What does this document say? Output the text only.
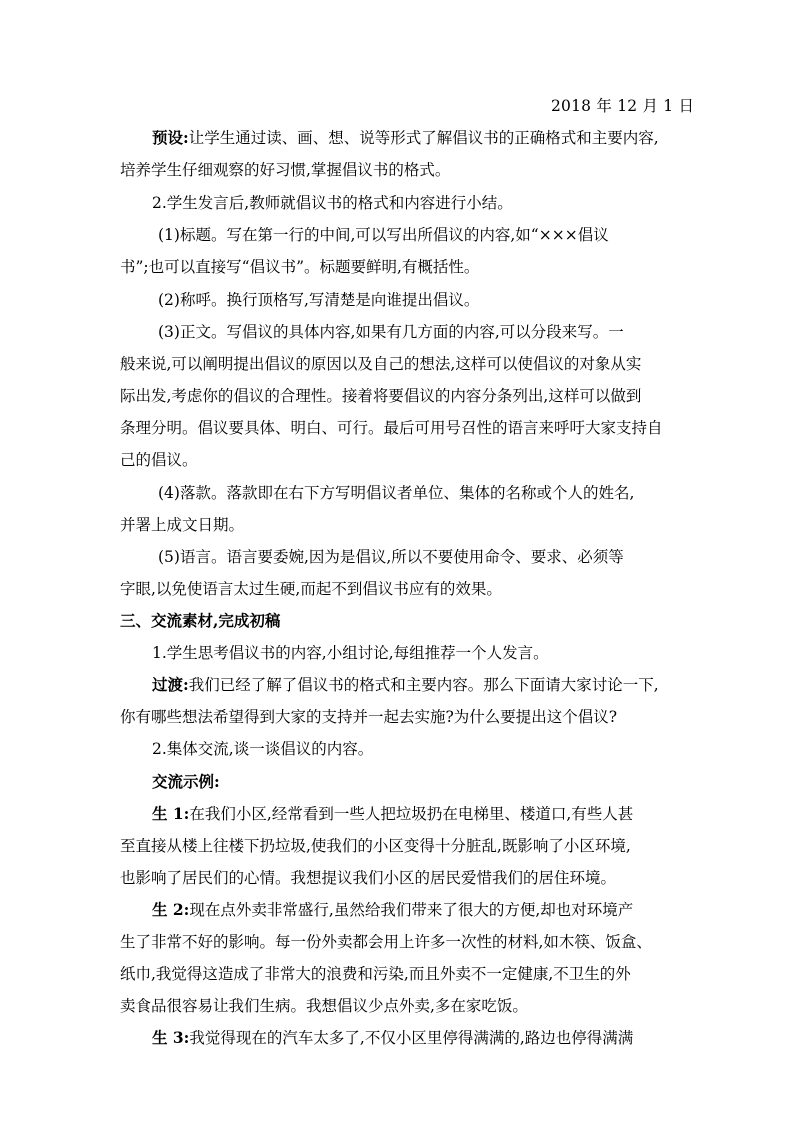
2018 年 12 月 1 日
预设:让学生通过读、画、想、说等形式了解倡议书的正确格式和主要内容,
培养学生仔细观察的好习惯,掌握倡议书的格式。
2.学生发言后,教师就倡议书的格式和内容进行小结。
(1)标题。写在第一行的中间,可以写出所倡议的内容,如“×××倡议
书”;也可以直接写“倡议书”。标题要鲜明,有概括性。
(2)称呼。换行顶格写,写清楚是向谁提出倡议。
(3)正文。写倡议的具体内容,如果有几方面的内容,可以分段来写。一
般来说,可以阐明提出倡议的原因以及自己的想法,这样可以使倡议的对象从实
际出发,考虑你的倡议的合理性。接着将要倡议的内容分条列出,这样可以做到
条理分明。倡议要具体、明白、可行。最后可用号召性的语言来呼吁大家支持自
己的倡议。
(4)落款。落款即在右下方写明倡议者单位、集体的名称或个人的姓名,
并署上成文日期。
(5)语言。语言要委婉,因为是倡议,所以不要使用命令、要求、必须等
字眼,以免使语言太过生硬,而起不到倡议书应有的效果。
三、交流素材,完成初稿
1.学生思考倡议书的内容,小组讨论,每组推荐一个人发言。
过渡:我们已经了解了倡议书的格式和主要内容。那么下面请大家讨论一下,
你有哪些想法希望得到大家的支持并一起去实施?为什么要提出这个倡议?
2.集体交流,谈一谈倡议的内容。
交流示例:
生 1:在我们小区,经常看到一些人把垃圾扔在电梯里、楼道口,有些人甚
至直接从楼上往楼下扔垃圾,使我们的小区变得十分脏乱,既影响了小区环境,
也影响了居民们的心情。我想提议我们小区的居民爱惜我们的居住环境。
生 2:现在点外卖非常盛行,虽然给我们带来了很大的方便,却也对环境产
生了非常不好的影响。每一份外卖都会用上许多一次性的材料,如木筷、饭盒、
纸巾,我觉得这造成了非常大的浪费和污染,而且外卖不一定健康,不卫生的外
卖食品很容易让我们生病。我想倡议少点外卖,多在家吃饭。
生 3:我觉得现在的汽车太多了,不仅小区里停得满满的,路边也停得满满
